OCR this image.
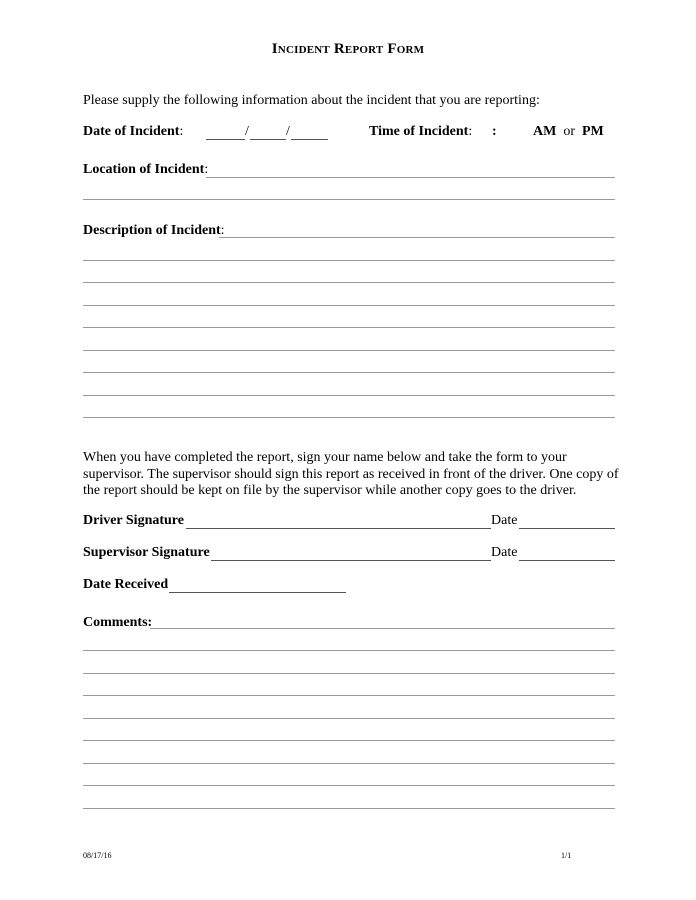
Incident Report Form
Please supply the following information about the incident that you are reporting:
Date of Incident:	/	/	Time of Incident: :	AM or PM
Location of Incident:
Description of Incident:
When you have completed the report, sign your name below and take the form to your supervisor. The supervisor should sign this report as received in front of the driver. One copy of the report should be kept on file by the supervisor while another copy goes to the driver.
Driver Signature	Date
Supervisor Signature	Date
Date Received
Comments:
08/17/16	1/1
